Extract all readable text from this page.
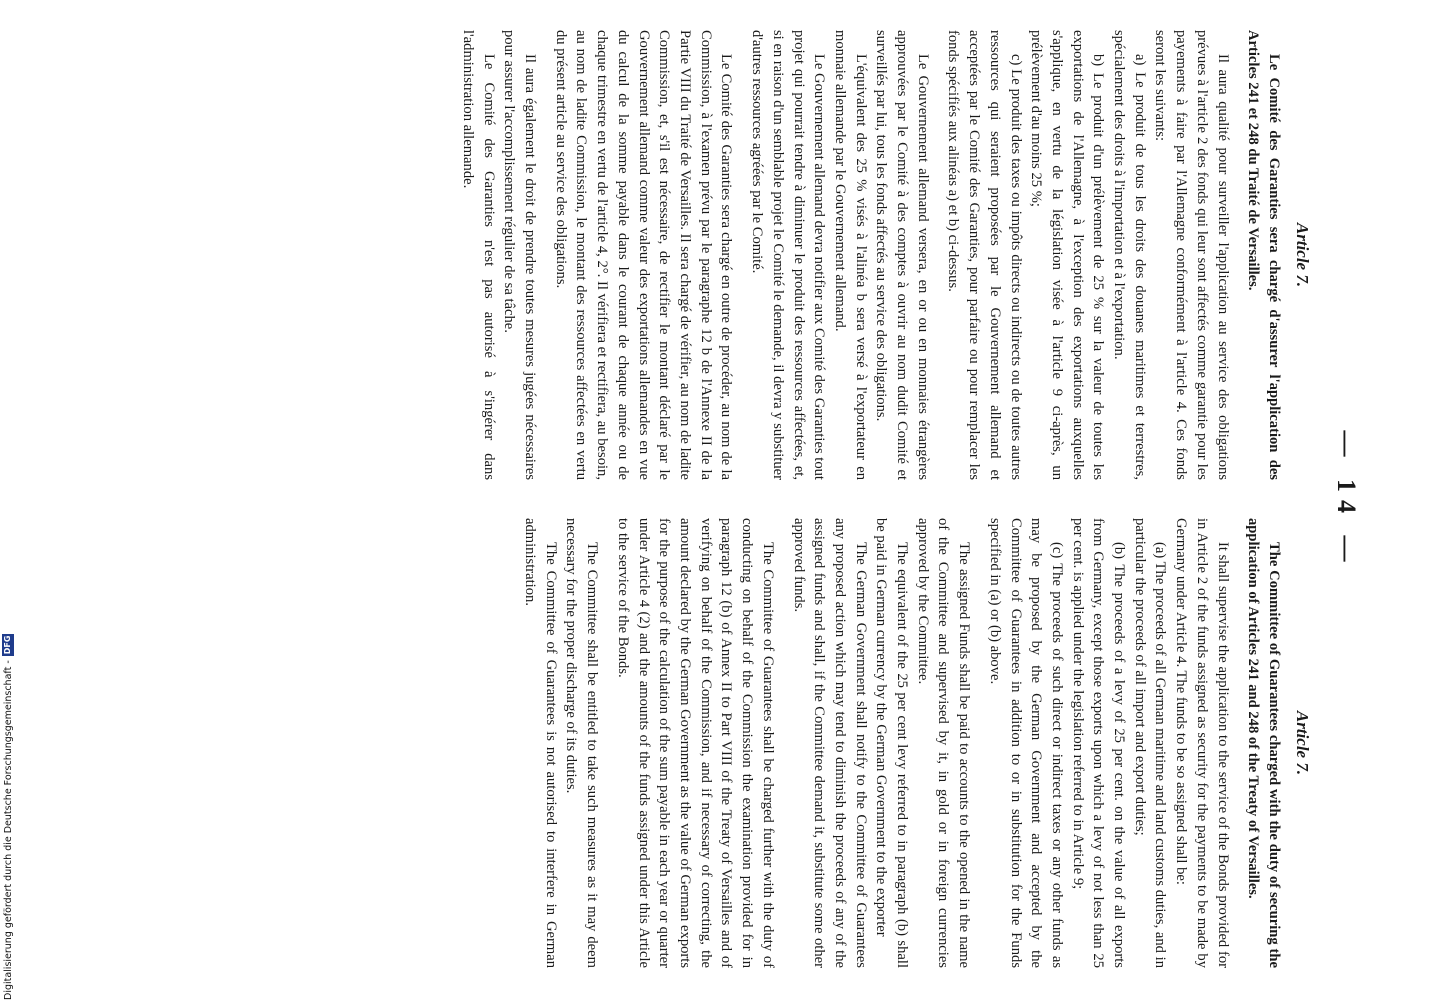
— 14 —
Article 7.

Le Comité des Garanties sera chargé d'assurer l'application des Articles 241 et 248 du Traité de Versailles.

Il aura qualité pour surveiller l'application au service des obligations prévues à l'article 2 des fonds qui leur sont affectés comme garantie pour les payements à faire par l'Allemagne conformément à l'article 4. Ces fonds seront les suivants:

a) Le produit de tous les droits des douanes maritimes et terrestres, spécialement des droits à l'importation et à l'exportation.

b) Le produit d'un prélèvement de 25 % sur la valeur de toutes les exportations de l'Allemagne, à l'exception des exportations auxquelles s'applique, en vertu de la législation visée à l'article 9 ci-après, un prélèvement d'au moins 25 %;

c) Le produit des taxes ou impôts directs ou indirects ou de toutes autres ressources qui seraient proposées par le Gouvernement allemand et acceptées par le Comité des Garanties, pour parfaire ou pour remplacer les fonds spécifiés aux alinéas a) et b) ci-dessus.

Le Gouvernement allemand versera, en or ou en monnaies étrangères approuvées par le Comité à des comptes à ouvrir au nom dudit Comité et surveillés par lui, tous les fonds affectés au service des obligations.

L'équivalent des 25 % visés à l'alinéa b sera versé à l'exportateur en monnaie allemande par le Gouvernement allemand.

Le Gouvernement allemand devra notifier aux Comité des Garanties tout projet qui pourrait tendre à diminuer le produit des ressources affectées, et, si en raison d'un semblable projet le Comité le demande, il devra y substituer d'autres ressources agréées par le Comité.

Le Comité des Garanties sera chargé en outre de procéder, au nom de la Commission, à l'examen prévu par le paragraphe 12 b de l'Annexe II de la Partie VIII du Traité de Versailles. Il sera chargé de vérifier, au nom de ladite Commission, et, s'il est nécessaire, de rectifier le montant déclaré par le Gouvernement allemand comme valeur des exportations allemandes en vue du calcul de la somme payable dans le courant de chaque année ou de chaque trimestre en vertu de l'article 4, 2°. Il vérifiera et rectifiera, au besoin, au nom de ladite Commission, le montant des ressources affectées en vertu du présent article au service des obligations.

Il aura également le droit de prendre toutes mesures jugées nécessaires pour assurer l'accomplissement régulier de sa tâche.

Le Comité des Garanties n'est pas autorisé à s'ingérer dans l'administration allemande.

Article 7.

The Committee of Guarantees charged with the duty of securing the application of Articles 241 and 248 of the Treaty of Versailles.

It shall supervise the application to the service of the Bonds provided for in Article 2 of the funds assigned as security for the payments to be made by Germany under Article 4. The funds to be so assigned shall be:

(a) The proceeds of all German maritime and land customs duties, and in particular the proceeds of all import and export duties;

(b) The proceeds of a levy of 25 per cent. on the value of all exports from Germany, except those exports upon which a levy of not less than 25 per cent. is applied under the legislation referred to in Article 9;

(c) The proceeds of such direct or indirect taxes or any other funds as may be proposed by the German Government and accepted by the Committee of Guarantees in addition to or in substitution for the Funds specified in (a) or (b) above.

The assigned Funds shall be paid to accounts to the opened in the name of the Committee and supervised by it, in gold or in foreign currencies approved by the Committee.

The equivalent of the 25 per cent levy referred to in paragraph (b) shall be paid in German currency by the German Government to the exporter

The German Government shall notify to the Committee of Guarantees any proposed action which may tend to diminish the proceeds of any of the assigned funds and shall, if the Committee demand it, substitute some other approved funds.

The Committee of Guarantees shall be charged further with the duty of conducting on behalf of the Commission the examination provided for in paragraph 12 (b) of Annex II to Part VIII of the Treaty of Versailles and of verifying on behalf of the Commission, and if necessary of correcting, the amount declared by the German Government as the value of German exports for the purpose of the calculation of the sum payable in each year or quarter under Article 4 (2) and the amounts of the funds assigned under this Article to the service of the Bonds.

The Committee shall be entitled to take such measures as it may deem necessary for the proper discharge of its duties.

The Committee of Guarantees is not autorised to interfere in German administration.

Digitalisierung gefördert durch die Deutsche Forschungsgemeinschaft -
DFG
